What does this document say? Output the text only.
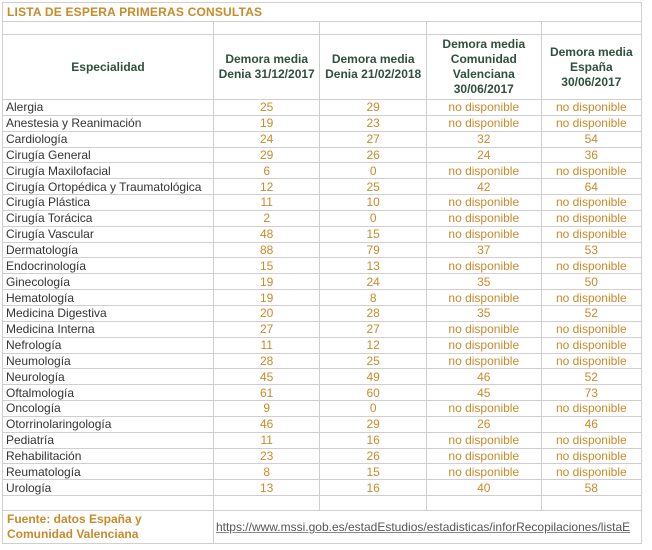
LISTA DE ESPERA PRIMERAS CONSULTAS				

Especialidad	Demora media Denia 31/12/2017	Demora media Denia 21/02/2018	Demora media Comunidad Valenciana 30/06/2017	Demora media España 30/06/2017
Alergia	25	29	no disponible	no disponible
Anestesia y Reanimación	19	23	no disponible	no disponible
Cardiología	24	27	32	54
Cirugía General	29	26	24	36
Cirugía Maxilofacial	6	0	no disponible	no disponible
Cirugía Ortopédica y Traumatológica	12	25	42	64
Cirugía Plástica	11	10	no disponible	no disponible
Cirugía Torácica	2	0	no disponible	no disponible
Cirugía Vascular	48	15	no disponible	no disponible
Dermatología	88	79	37	53
Endocrinología	15	13	no disponible	no disponible
Ginecología	19	24	35	50
Hematología	19	8	no disponible	no disponible
Medicina Digestiva	20	28	35	52
Medicina Interna	27	27	no disponible	no disponible
Nefrología	11	12	no disponible	no disponible
Neumología	28	25	no disponible	no disponible
Neurología	45	49	46	52
Oftalmología	61	60	45	73
Oncología	9	0	no disponible	no disponible
Otorrinolaringología	46	29	26	46
Pediatría	11	16	no disponible	no disponible
Rehabilitación	23	26	no disponible	no disponible
Reumatología	8	15	no disponible	no disponible
Urología	13	16	40	58

Fuente: datos España y Comunidad Valenciana	https://www.mssi.gob.es/estadEstudios/estadisticas/inforRecopilaciones/listaE			
